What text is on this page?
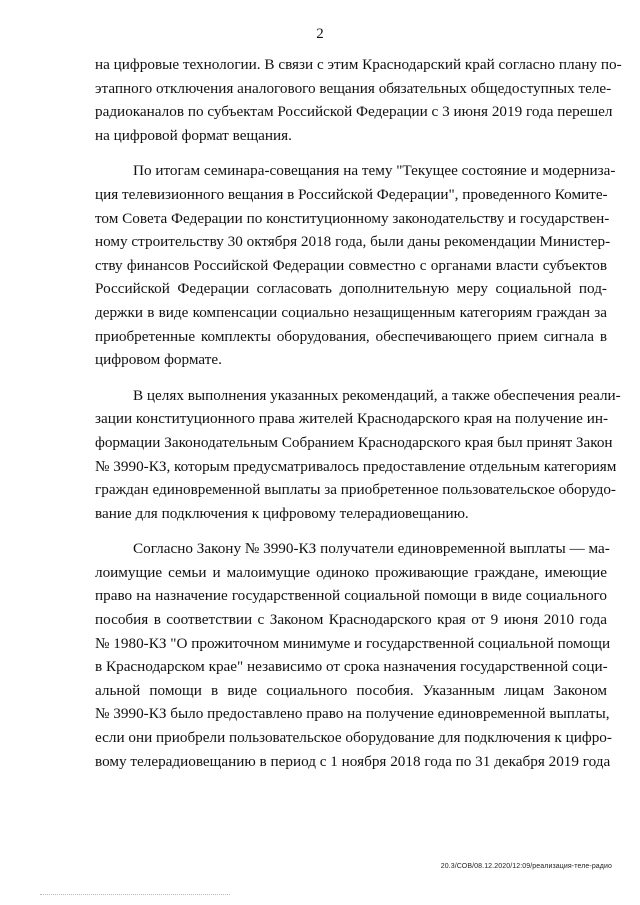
2

на цифровые технологии. В связи с этим Краснодарский край согласно плану по-
этапного отключения аналогового вещания обязательных общедоступных теле-
радиоканалов по субъектам Российской Федерации с 3 июня 2019 года перешел
на цифровой формат вещания.

По итогам семинара-совещания на тему "Текущее состояние и модерниза-
ция телевизионного вещания в Российской Федерации", проведенного Комите-
том Совета Федерации по конституционному законодательству и государствен-
ному строительству 30 октября 2018 года, были даны рекомендации Министер-
ству финансов Российской Федерации совместно с органами власти субъектов
Российской Федерации согласовать дополнительную меру социальной под-
держки в виде компенсации социально незащищенным категориям граждан за
приобретенные комплекты оборудования, обеспечивающего прием сигнала в
цифровом формате.

В целях выполнения указанных рекомендаций, а также обеспечения реали-
зации конституционного права жителей Краснодарского края на получение ин-
формации Законодательным Собранием Краснодарского края был принят Закон
№ 3990-КЗ, которым предусматривалось предоставление отдельным категориям
граждан единовременной выплаты за приобретенное пользовательское оборудо-
вание для подключения к цифровому телерадиовещанию.

Согласно Закону № 3990-КЗ получатели единовременной выплаты — ма-
лоимущие семьи и малоимущие одиноко проживающие граждане, имеющие
право на назначение государственной социальной помощи в виде социального
пособия в соответствии с Законом Краснодарского края от 9 июня 2010 года
№ 1980-КЗ "О прожиточном минимуме и государственной социальной помощи
в Краснодарском крае" независимо от срока назначения государственной соци-
альной помощи в виде социального пособия. Указанным лицам Законом
№ 3990-КЗ было предоставлено право на получение единовременной выплаты,
если они приобрели пользовательское оборудование для подключения к цифро-
вому телерадиовещанию в период с 1 ноября 2018 года по 31 декабря 2019 года

20.3/СОВ/08.12.2020/12:09/реализация-теле-радио
